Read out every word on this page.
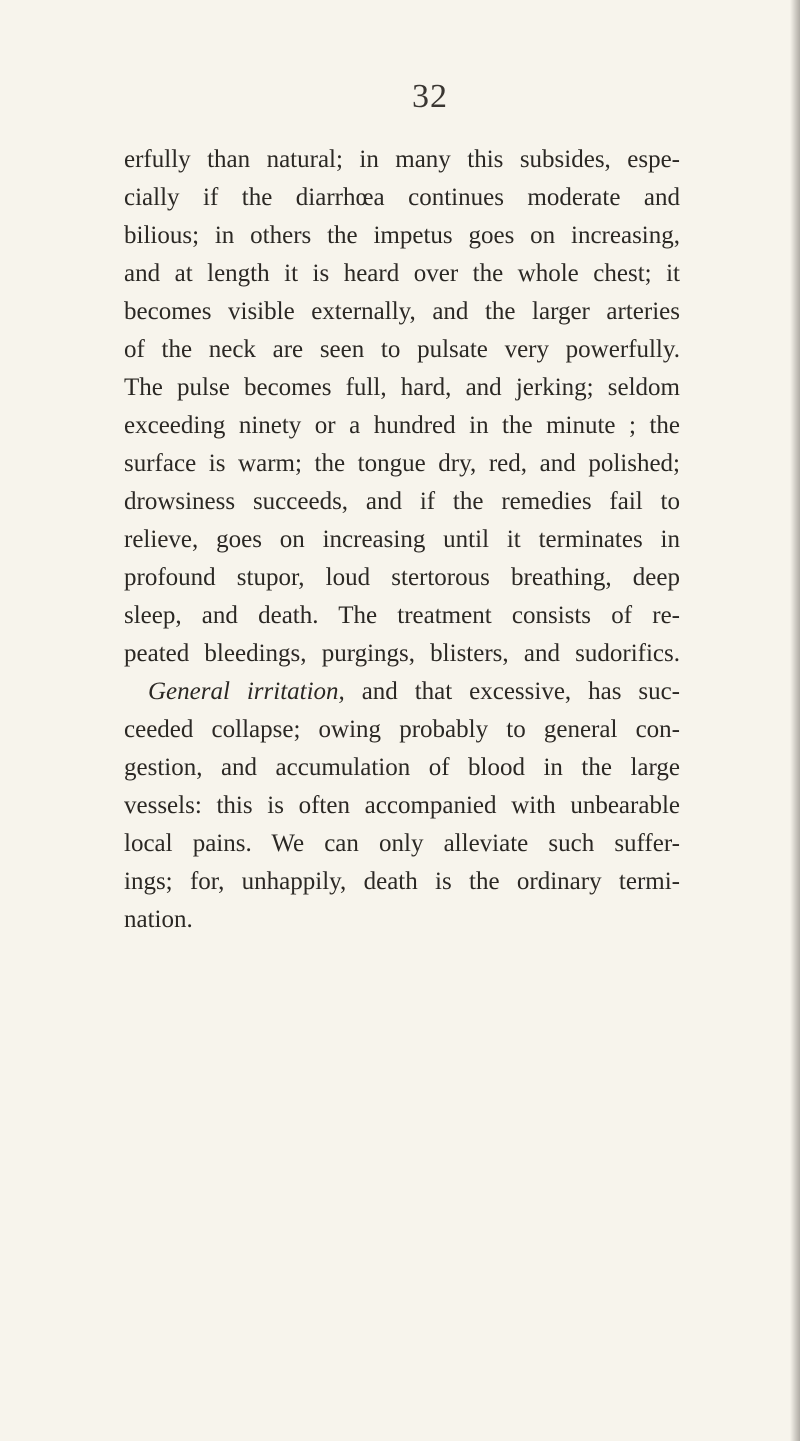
32
erfully than natural; in many this subsides, espe-
cially if the diarrhœa continues moderate and
bilious; in others the impetus goes on increasing,
and at length it is heard over the whole chest; it
becomes visible externally, and the larger arteries
of the neck are seen to pulsate very powerfully.
The pulse becomes full, hard, and jerking; seldom
exceeding ninety or a hundred in the minute ; the
surface is warm; the tongue dry, red, and polished;
drowsiness succeeds, and if the remedies fail to
relieve, goes on increasing until it terminates in
profound stupor, loud stertorous breathing, deep
sleep, and death. The treatment consists of re-
peated bleedings, purgings, blisters, and sudorifics.
General irritation, and that excessive, has suc-
ceeded collapse; owing probably to general con-
gestion, and accumulation of blood in the large
vessels: this is often accompanied with unbearable
local pains. We can only alleviate such suffer-
ings; for, unhappily, death is the ordinary termi-
nation.
